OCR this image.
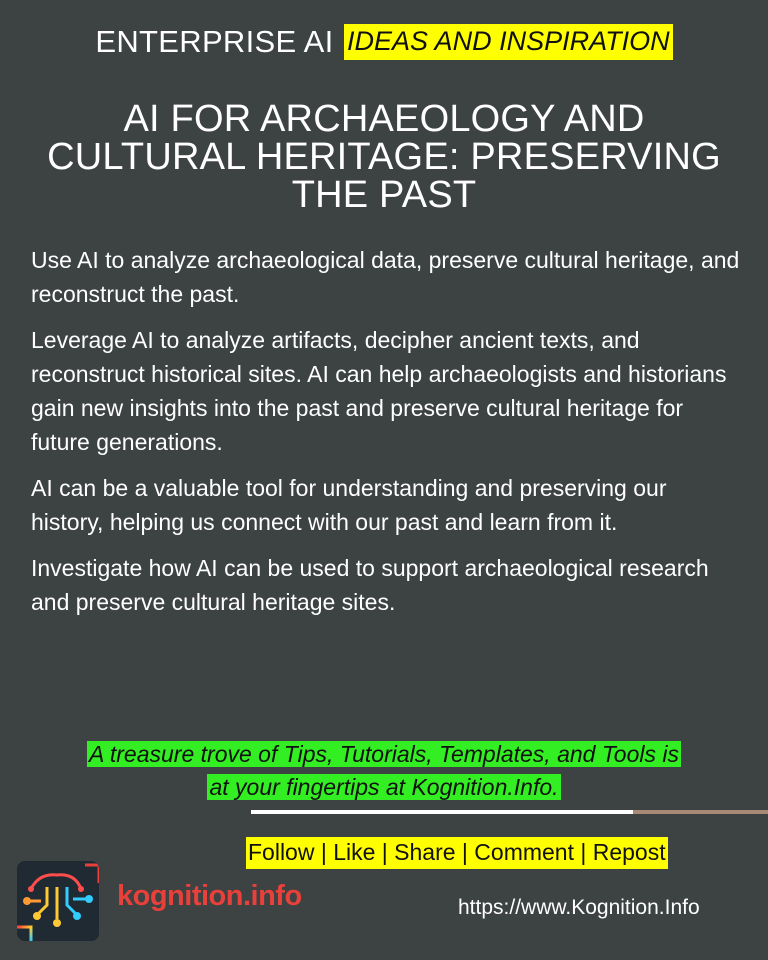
ENTERPRISE AI IDEAS AND INSPIRATION
AI FOR ARCHAEOLOGY AND CULTURAL HERITAGE: PRESERVING THE PAST

Use AI to analyze archaeological data, preserve cultural heritage, and reconstruct the past.

Leverage AI to analyze artifacts, decipher ancient texts, and reconstruct historical sites. AI can help archaeologists and historians gain new insights into the past and preserve cultural heritage for future generations.

AI can be a valuable tool for understanding and preserving our history, helping us connect with our past and learn from it.

Investigate how AI can be used to support archaeological research and preserve cultural heritage sites.

A treasure trove of Tips, Tutorials, Templates, and Tools is
at your fingertips at Kognition.Info.
Follow | Like | Share | Comment | Repost
kognition.info	https://www.Kognition.Info
